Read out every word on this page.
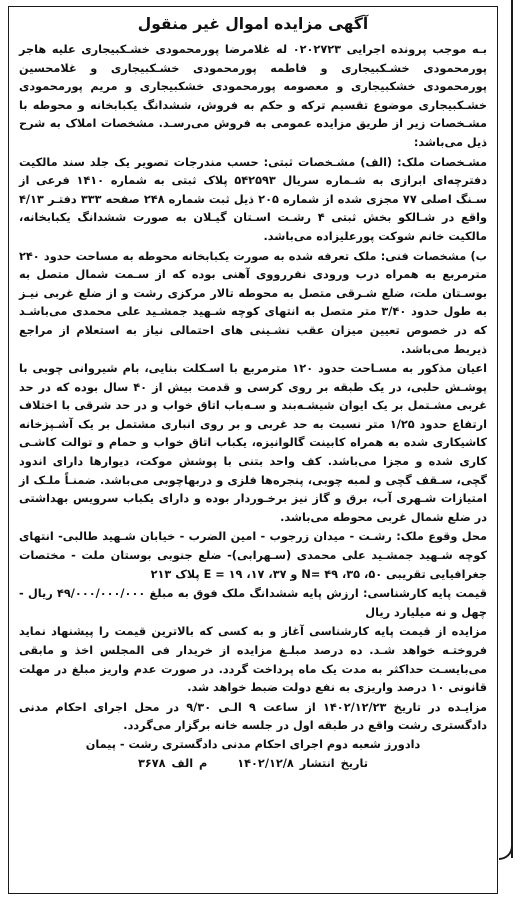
آگهی مزایده اموال غیر منقول

بـه موجب پرونده اجرایی ۰۲۰۲۷۲۳ له غلامرضا پورمحمودی خشـکبیجاری علیه هاجر پورمحمودی خشـکبیجاری و فاطمه پورمحمودی خشـکبیجاری و غلامحسین پورمحمودی خشکبیجاری و معصومه پورمحمودی خشکبیجاری و مریم پورمحمودی خشـکبیجاری موضوع تقسیم ترکه و حکم به فروش، ششدانگ یکبابخانه و محوطه با مشـخصات زیر از طریق مزایده عمومی به فروش می‌رسـد. مشخصات املاک به شرح ذیل می‌باشد:

مشـخصات ملک: (الف) مشـخصات ثبتی: حسب مندرجات تصویر یک جلد سند مالکیت دفترچه‌ای ابرازی به شـماره سریال ۵۴۲۵۹۳ پلاک ثبتی به شماره ۱۴۱۰ فرعی از سـنگ اصلی ۷۷ مجزی شده از شماره ۲۰۵ ذیل ثبت شماره ۲۴۸ صفحه ۳۳۳ دفتـر ۴/۱۳ واقع در شـالکو بخش ثبتی ۴ رشـت اسـتان گیـلان به صورت ششدانگ یکبابخانه، مالکیت خانم شوکت پورعلیزاده می‌باشد.

ب) مشخصات فنی: ملک تعرفه شده به صورت یکبابخانه محوطه به مساحت حدود ۲۴۰ مترمربع به همراه درب ورودی نفررووی آهنی بوده که از سـمت شمال متصل به بوسـتان ملت، ضلع شـرقی متصل به محوطه تالار مرکزی رشت و از ضلع غربی نیـز به طول حدود ۳/۴۰ متر متصل به انتهای کوچه شـهید جمشـید علی محمدی می‌باشـد که در خصوص تعیین میزان عقب نشـینی های احتمالی نیاز به استعلام از مراجع ذیربط می‌باشد.

اعیان مذکور به مسـاحت حدود ۱۲۰ مترمربع با اسـکلت بنایی، بام شیروانی چوبی با پوشـش حلبی، در یک طبقه بر روی کرسی و قدمت بیش از ۴۰ سال بوده که در حد غربی مشـتمل بر یک ایوان شیشـه‌بند و سـه‌باب اتاق خواب و در حد شرقی با اختلاف ارتفاع حدود ۱/۲۵ متر نسبت به حد غربی و بر روی انباری مشتمل بر یک آشـپزخانه کاشیکاری شده به همراه کابینت گالوانیزه، یکباب اتاق خواب و حمام و توالت کاشـی کاری شده و مجزا می‌باشد. کف واحد بتنی با پوشش موکت، دیوارها دارای اندود گچی، سـقف گچی و لمبه چوبی، پنجره‌ها فلزی و دربهاچوبی می‌باشد. ضمنـاً ملـک از امتیازات شـهری آب، برق و گاز نیز برخـوردار بوده و دارای یکباب سرویس بهداشتی در ضلع شمال غربی محوطه می‌باشد.

محل وقوع ملک: رشـت - میدان زرجوب - امین الضرب - خیابان شـهید طالبی- انتهای کوچه شـهید جمشـید علی محمدی (سـهرابی)- ضلع جنوبی بوستان ملت - مختصات جغرافیایی تقریبی ۵۰، ۳۵، ۴۹ =N و ۳۷، ۱۷، ۱۹ = E پلاک ۲۱۳

قیمت پایه کارشناسی: ارزش پایه ششدانگ ملک فوق به مبلغ ۴۹/۰۰۰/۰۰۰/۰۰۰ ریال - چهل و نه میلیارد ریال

مزایده از قیمت پایه کارشناسی آغاز و به کسی که بالاترین قیمت را پیشنهاد نماید فروختـه خواهد شـد. ده درصد مبلـغ مزایده از خریدار فی المجلس اخذ و مابقی می‌بایسـت حداکثر به مدت یک ماه پرداخت گردد. در صورت عدم واریز مبلغ در مهلت قانونی ۱۰ درصد واریزی به نفع دولت ضبط خواهد شد.

مزایـده در تاریخ ۱۴۰۲/۱۲/۲۳ از ساعت ۹ الـی ۹/۳۰ در محل اجرای احکام مدنی دادگستری رشت واقع در طبقه اول در جلسه خانه برگزار می‌گردد.

دادورز شعبه دوم اجرای احکام مدنی دادگستری رشت - پیمان
تاریخ انتشار ۱۴۰۲/۱۲/۸ م الف ۳۶۷۸
